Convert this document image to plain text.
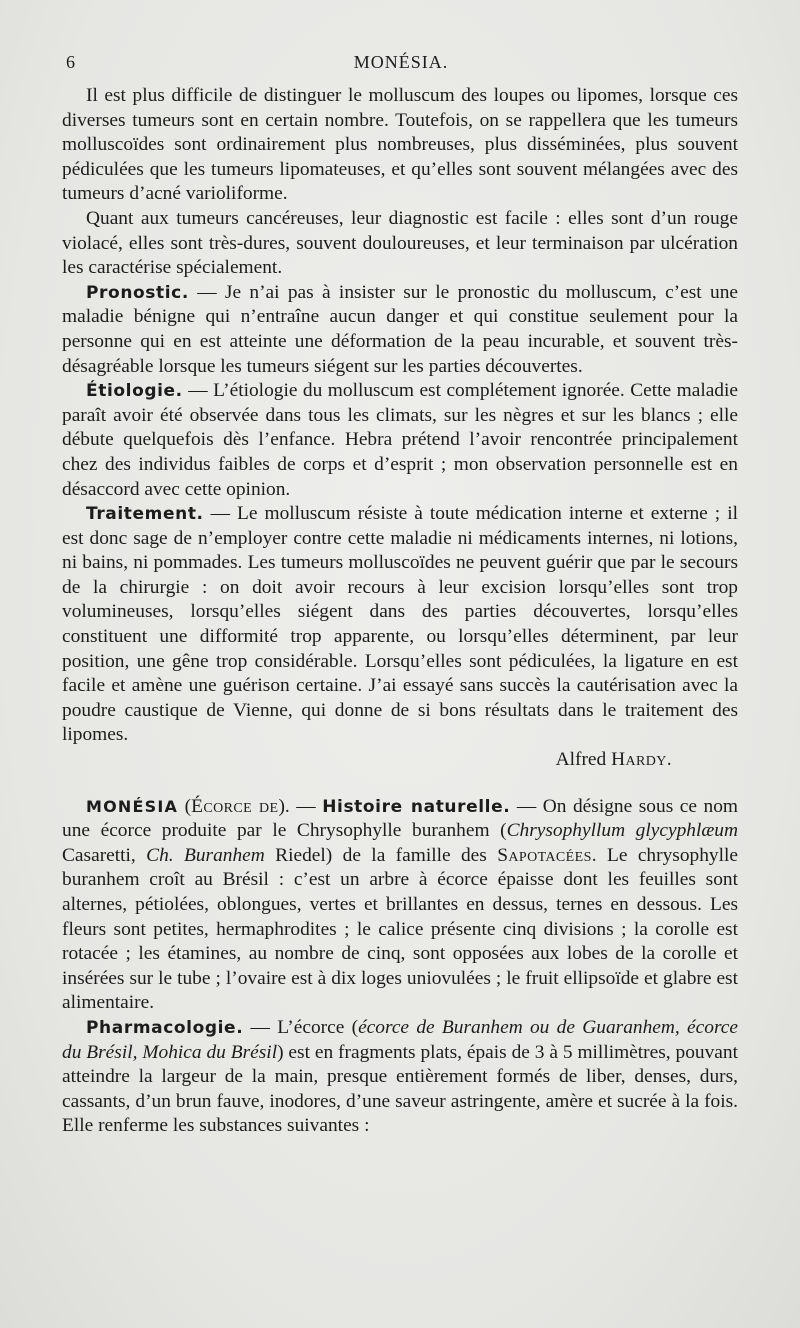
6	MONÉSIA.

Il est plus difficile de distinguer le molluscum des loupes ou lipomes, lorsque ces diverses tumeurs sont en certain nombre. Toutefois, on se rappellera que les tumeurs molluscoïdes sont ordinairement plus nombreuses, plus disséminées, plus souvent pédiculées que les tumeurs lipomateuses, et qu’elles sont souvent mélangées avec des tumeurs d’acné varioliforme.

Quant aux tumeurs cancéreuses, leur diagnostic est facile : elles sont d’un rouge violacé, elles sont très-dures, souvent douloureuses, et leur terminaison par ulcération les caractérise spécialement.

Pronostic. — Je n’ai pas à insister sur le pronostic du molluscum, c’est une maladie bénigne qui n’entraîne aucun danger et qui constitue seulement pour la personne qui en est atteinte une déformation de la peau incurable, et souvent très-désagréable lorsque les tumeurs siégent sur les parties découvertes.

Étiologie. — L’étiologie du molluscum est complétement ignorée. Cette maladie paraît avoir été observée dans tous les climats, sur les nègres et sur les blancs ; elle débute quelquefois dès l’enfance. Hebra prétend l’avoir rencontrée principalement chez des individus faibles de corps et d’esprit ; mon observation personnelle est en désaccord avec cette opinion.

Traitement. — Le molluscum résiste à toute médication interne et externe ; il est donc sage de n’employer contre cette maladie ni médicaments internes, ni lotions, ni bains, ni pommades. Les tumeurs molluscoïdes ne peuvent guérir que par le secours de la chirurgie : on doit avoir recours à leur excision lorsqu’elles sont trop volumineuses, lorsqu’elles siégent dans des parties découvertes, lorsqu’elles constituent une difformité trop apparente, ou lorsqu’elles déterminent, par leur position, une gêne trop considérable. Lorsqu’elles sont pédiculées, la ligature en est facile et amène une guérison certaine. J’ai essayé sans succès la cautérisation avec la poudre caustique de Vienne, qui donne de si bons résultats dans le traitement des lipomes.

Alfred Hardy.

MONÉSIA (Écorce de). — Histoire naturelle. — On désigne sous ce nom une écorce produite par le Chrysophylle buranhem (Chrysophyllum glycyphlæum Casaretti, Ch. Buranhem Riedel) de la famille des Sapotacées. Le chrysophylle buranhem croît au Brésil : c’est un arbre à écorce épaisse dont les feuilles sont alternes, pétiolées, oblongues, vertes et brillantes en dessus, ternes en dessous. Les fleurs sont petites, hermaphrodites ; le calice présente cinq divisions ; la corolle est rotacée ; les étamines, au nombre de cinq, sont opposées aux lobes de la corolle et insérées sur le tube ; l’ovaire est à dix loges uniovulées ; le fruit ellipsoïde et glabre est alimentaire.

Pharmacologie. — L’écorce (écorce de Buranhem ou de Guaranhem, écorce du Brésil, Mohica du Brésil) est en fragments plats, épais de 3 à 5 millimètres, pouvant atteindre la largeur de la main, presque entièrement formés de liber, denses, durs, cassants, d’un brun fauve, inodores, d’une saveur astringente, amère et sucrée à la fois. Elle renferme les substances suivantes :
